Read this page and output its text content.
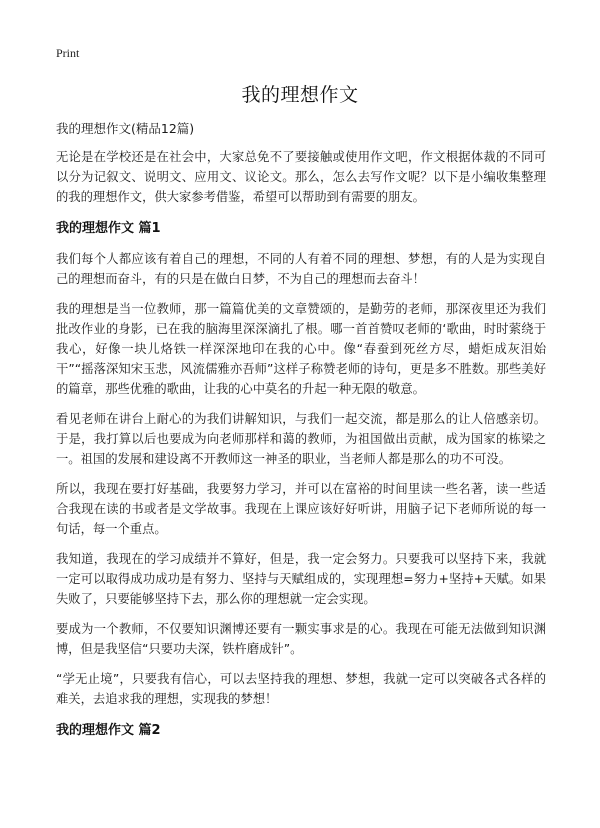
Print
我的理想作文

我的理想作文(精品12篇)

无论是在学校还是在社会中，大家总免不了要接触或使用作文吧，作文根据体裁的不同可以分为记叙文、说明文、应用文、议论文。那么，怎么去写作文呢？以下是小编收集整理的我的理想作文，供大家参考借鉴，希望可以帮助到有需要的朋友。

我的理想作文 篇1

我们每个人都应该有着自己的理想，不同的人有着不同的理想、梦想，有的人是为实现自己的理想而奋斗，有的只是在做白日梦，不为自己的理想而去奋斗！

我的理想是当一位教师，那一篇篇优美的文章赞颂的，是勤劳的老师，那深夜里还为我们批改作业的身影，已在我的脑海里深深滴扎了根。哪一首首赞叹老师的‘歌曲，时时萦绕于我心，好像一块儿烙铁一样深深地印在我的心中。像“春蚕到死丝方尽，蜡炬成灰泪始干”“摇落深知宋玉悲，风流儒雅亦吾师”这样子称赞老师的诗句，更是多不胜数。那些美好的篇章，那些优雅的歌曲，让我的心中莫名的升起一种无限的敬意。

看见老师在讲台上耐心的为我们讲解知识，与我们一起交流，都是那么的让人倍感亲切。于是，我打算以后也要成为向老师那样和蔼的教师，为祖国做出贡献，成为国家的栋梁之一。祖国的发展和建设离不开教师这一神圣的职业，当老师人都是那么的功不可没。

所以，我现在要打好基础，我要努力学习，并可以在富裕的时间里读一些名著，读一些适合我现在读的书或者是文学故事。我现在上课应该好好听讲，用脑子记下老师所说的每一句话，每一个重点。

我知道，我现在的学习成绩并不算好，但是，我一定会努力。只要我可以坚持下来，我就一定可以取得成功成功是有努力、坚持与天赋组成的，实现理想=努力+坚持+天赋。如果失败了，只要能够坚持下去，那么你的理想就一定会实现。

要成为一个教师，不仅要知识渊博还要有一颗实事求是的心。我现在可能无法做到知识渊博，但是我坚信“只要功夫深，铁杵磨成针”。

“学无止境”，只要我有信心，可以去坚持我的理想、梦想，我就一定可以突破各式各样的难关，去追求我的理想，实现我的梦想！

我的理想作文 篇2
